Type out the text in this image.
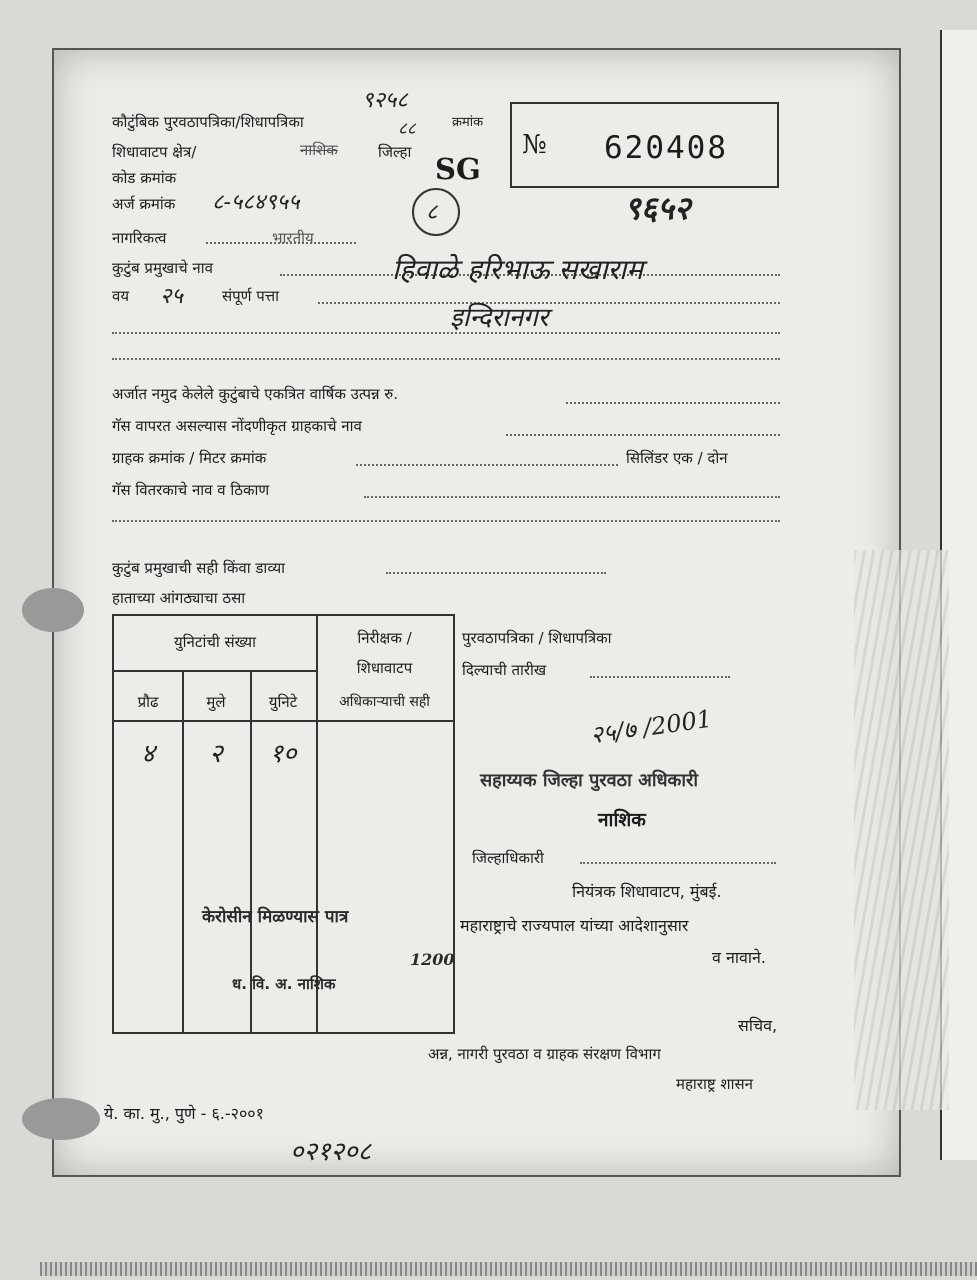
कौटुंबिक पुरवठापत्रिका/शिधापत्रिका	क्रमांक
९२५८
८८
शिधावाटप क्षेत्र/	नाशिक	जिल्हा
कोड क्रमांक
अर्ज क्रमांक ८-५८४९५५
नागरिकत्व	भारतीय
कुटुंब प्रमुखाचे नाव	हिवाळे हरिभाऊ सखाराम
वय २५	संपूर्ण पत्ता
इन्दिरानगर
№ 620408
SG
८	९६५२
अर्जात नमुद केलेले कुटुंबाचे एकत्रित वार्षिक उत्पन्न रु.
गॅस वापरत असल्यास नोंदणीकृत ग्राहकाचे नाव
ग्राहक क्रमांक / मिटर क्रमांक	सिलिंडर एक / दोन
गॅस वितरकाचे नाव व ठिकाण
कुटुंब प्रमुखाची सही किंवा डाव्या
हाताच्या आंगठ्याचा ठसा
युनिटांची संख्या	निरीक्षक /
शिधावाटप
अधिकाऱ्याची सही
प्रौढ	मुले	युनिटे
४	२	१०
केरोसीन मिळण्यास पात्र
ध. वि. अ. नाशिक
1200
पुरवठापत्रिका / शिधापत्रिका
दिल्याची तारीख
२५/७ /2001
सहाय्यक जिल्हा पुरवठा अधिकारी
नाशिक
जिल्हाधिकारी
नियंत्रक शिधावाटप, मुंबई.
महाराष्ट्राचे राज्यपाल यांच्या आदेशानुसार
व नावाने.
सचिव,
अन्न, नागरी पुरवठा व ग्राहक संरक्षण विभाग
महाराष्ट्र शासन
ये. का. मु., पुणे - ६.-२००१
०२१२०८
